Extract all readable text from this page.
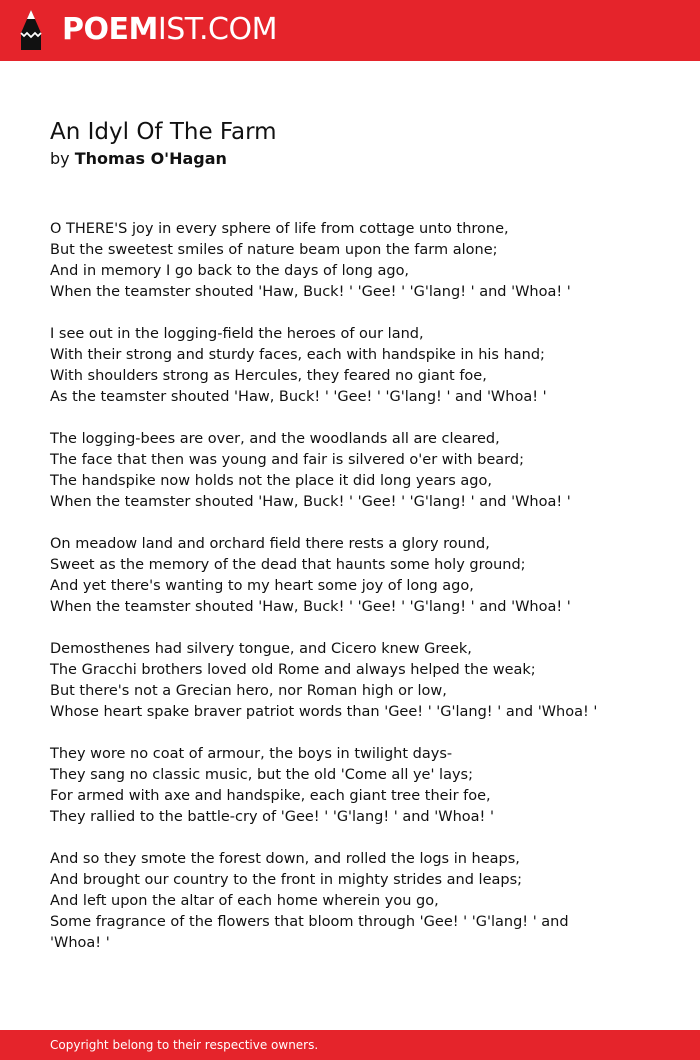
POEMIST.COM
An Idyl Of The Farm
by Thomas O'Hagan
O THERE'S joy in every sphere of life from cottage unto throne,
But the sweetest smiles of nature beam upon the farm alone;
And in memory I go back to the days of long ago,
When the teamster shouted 'Haw, Buck! ' 'Gee! ' 'G'lang! ' and 'Whoa! '
I see out in the logging-field the heroes of our land,
With their strong and sturdy faces, each with handspike in his hand;
With shoulders strong as Hercules, they feared no giant foe,
As the teamster shouted 'Haw, Buck! ' 'Gee! ' 'G'lang! ' and 'Whoa! '
The logging-bees are over, and the woodlands all are cleared,
The face that then was young and fair is silvered o'er with beard;
The handspike now holds not the place it did long years ago,
When the teamster shouted 'Haw, Buck! ' 'Gee! ' 'G'lang! ' and 'Whoa! '
On meadow land and orchard field there rests a glory round,
Sweet as the memory of the dead that haunts some holy ground;
And yet there's wanting to my heart some joy of long ago,
When the teamster shouted 'Haw, Buck! ' 'Gee! ' 'G'lang! ' and 'Whoa! '
Demosthenes had silvery tongue, and Cicero knew Greek,
The Gracchi brothers loved old Rome and always helped the weak;
But there's not a Grecian hero, nor Roman high or low,
Whose heart spake braver patriot words than 'Gee! ' 'G'lang! ' and 'Whoa! '
They wore no coat of armour, the boys in twilight days-
They sang no classic music, but the old 'Come all ye' lays;
For armed with axe and handspike, each giant tree their foe,
They rallied to the battle-cry of 'Gee! ' 'G'lang! ' and 'Whoa! '
And so they smote the forest down, and rolled the logs in heaps,
And brought our country to the front in mighty strides and leaps;
And left upon the altar of each home wherein you go,
Some fragrance of the flowers that bloom through 'Gee! ' 'G'lang! ' and
'Whoa! '
Copyright belong to their respective owners.
